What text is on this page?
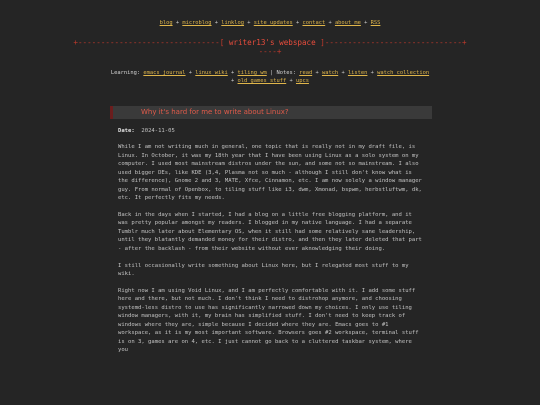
blog + microblog + linklog + site updates + contact + about me + RSS
+-------------------------------[ writer13's webspace ]------------------------------+
----+
Learning: emacs journal + linux wiki + tiling wm | Notes: read + watch + listen + watch collection + old games stuff + upcs
Why it's hard for me to write about Linux?
Date: 2024-11-05

While I am not writing much in general, one topic that is really not in my draft file, is Linux. In October, it was my 18th year that I have been using Linux as a solo system on my computer. I used most mainstream distros under the sun, and some not so mainstream. I also used bigger DEs, like KDE (3,4, Plasma not so much - although I still don't know what is the difference), Gnome 2 and 3, MATE, Xfce, Cinnamon, etc. I am now solely a window manager guy. From normal of Openbox, to tiling stuff like i3, dwm, Xmonad, bspwm, herbstluftwm, dk, etc. It perfectly fits my needs.

Back in the days when I started, I had a blog on a little free blogging platform, and it was pretty popular amongst my readers. I blogged in my native language. I had a separate Tumblr much later about Elementary OS, when it still had some relatively sane leadership, until they blatantly demanded money for their distro, and then they later deleted that part - after the backlash - from their website without ever aknowledging their doing.

I still occasionally write something about Linux here, but I relegated most stuff to my wiki.

Right now I am using Void Linux, and I am perfectly comfortable with it. I add some stuff here and there, but not much. I don't think I need to distrohop anymore, and choosing systemd-less distro to use has significantly narrowed down my choices. I only use tiling window managers, with it, my brain has simplified stuff. I don't need to keep track of windows where they are, simple because I decided where they are. Emacs goes to #1 workspace, as it is my most important software. Browsers goes #2 workspace, terminal stuff is on 3, games are on 4, etc. I just cannot go back to a cluttered taskbar system, where you
